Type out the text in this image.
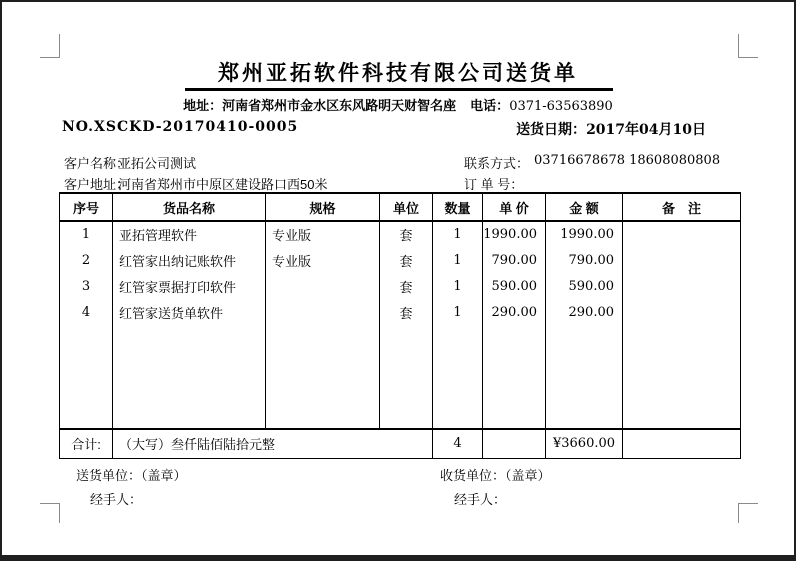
郑州亚拓软件科技有限公司送货单
地址：河南省郑州市金水区东风路明天财智名座 电话：0371-63563890
NO.XSCKD-20170410-0005	送货日期：2017年04月10日
客户名称：
亚拓公司测试	联系方式： 03716678678 18608080808
客户地址：
河南省郑州市中原区建设路口西50米	订 单 号：
序号	货品名称	规格	单位	数量	单 价	金 额	备　注
1	亚拓管理软件	专业版	套	1	1990.00	1990.00	
2	红管家出纳记账软件	专业版	套	1	790.00	790.00	
3	红管家票据打印软件		套	1	590.00	590.00	
4	红管家送货单软件		套	1	290.00	290.00	

合计:	（大写）叁仟陆佰陆拾元整			4		¥3660.00	
送货单位：（盖章）	收货单位：（盖章）
经手人：	经手人：
